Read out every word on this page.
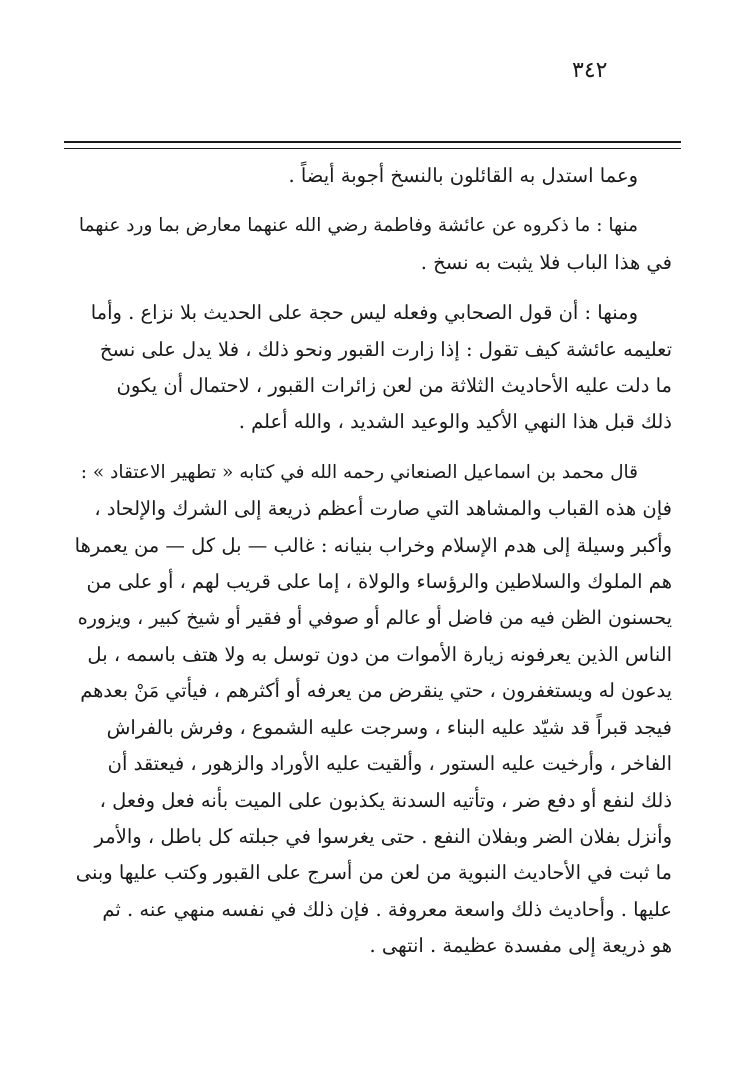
٣٤٢

وعما استدل به القائلون بالنسخ أجوبة أيضاً .

منها : ما ذكروه عن عائشة وفاطمة رضي الله عنهما معارض بما ورد عنهما
في هذا الباب فلا يثبت به نسخ .

ومنها : أن قول الصحابي وفعله ليس حجة على الحديث بلا نزاع . وأما
تعليمه عائشة كيف تقول : إذا زارت القبور ونحو ذلك ، فلا يدل على نسخ
ما دلت عليه الأحاديث الثلاثة من لعن زائرات القبور ، لاحتمال أن يكون
ذلك قبل هذا النهي الأكيد والوعيد الشديد ، والله أعلم .

قال محمد بن اسماعيل الصنعاني رحمه الله في كتابه « تطهير الاعتقاد » :
فإن هذه القباب والمشاهد التي صارت أعظم ذريعة إلى الشرك والإلحاد ،
وأكبر وسيلة إلى هدم الإسلام وخراب بنيانه : غالب — بل كل — من يعمرها
هم الملوك والسلاطين والرؤساء والولاة ، إما على قريب لهم ، أو على من
يحسنون الظن فيه من فاضل أو عالم أو صوفي أو فقير أو شيخ كبير ، ويزوره
الناس الذين يعرفونه زيارة الأموات من دون توسل به ولا هتف باسمه ، بل
يدعون له ويستغفرون ، حتي ينقرض من يعرفه أو أكثرهم ، فيأتي مَنْ بعدهم
فيجد قبراً قد شيّد عليه البناء ، وسرجت عليه الشموع ، وفرش بالفراش
الفاخر ، وأرخيت عليه الستور ، وألقيت عليه الأوراد والزهور ، فيعتقد أن
ذلك لنفع أو دفع ضر ، وتأتيه السدنة يكذبون على الميت بأنه فعل وفعل ،
وأنزل بفلان الضر وبفلان النفع . حتى يغرسوا في جبلته كل باطل ، والأمر
ما ثبت في الأحاديث النبوية من لعن من أسرج على القبور وكتب عليها وبنى
عليها . وأحاديث ذلك واسعة معروفة . فإن ذلك في نفسه منهي عنه . ثم
هو ذريعة إلى مفسدة عظيمة . انتهى .
